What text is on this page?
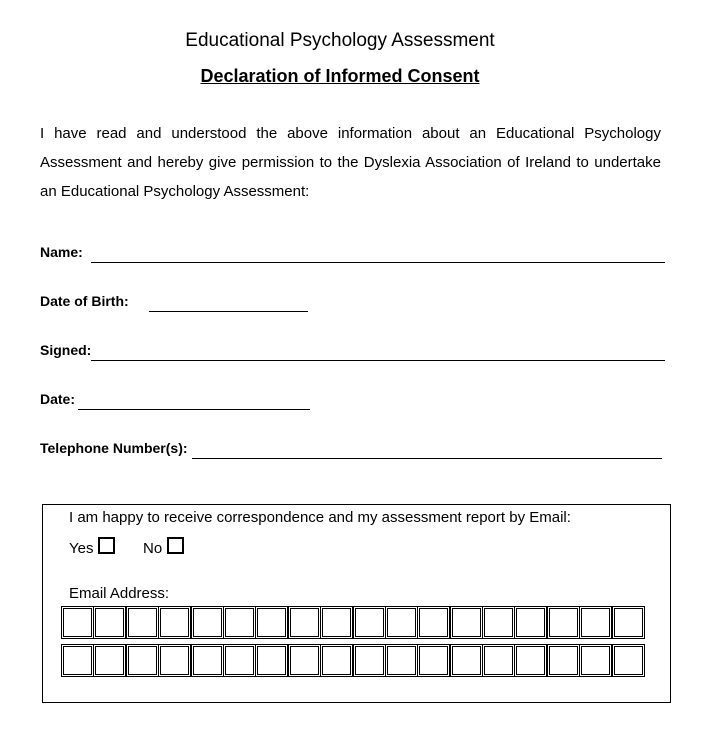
Educational Psychology Assessment
Declaration of Informed Consent
I have read and understood the above information about an Educational Psychology Assessment and hereby give permission to the Dyslexia Association of Ireland to undertake an Educational Psychology Assessment:
Name:
Date of Birth:
Signed:
Date:
Telephone Number(s):
I am happy to receive correspondence and my assessment report by Email:
Yes	No
Email Address:
